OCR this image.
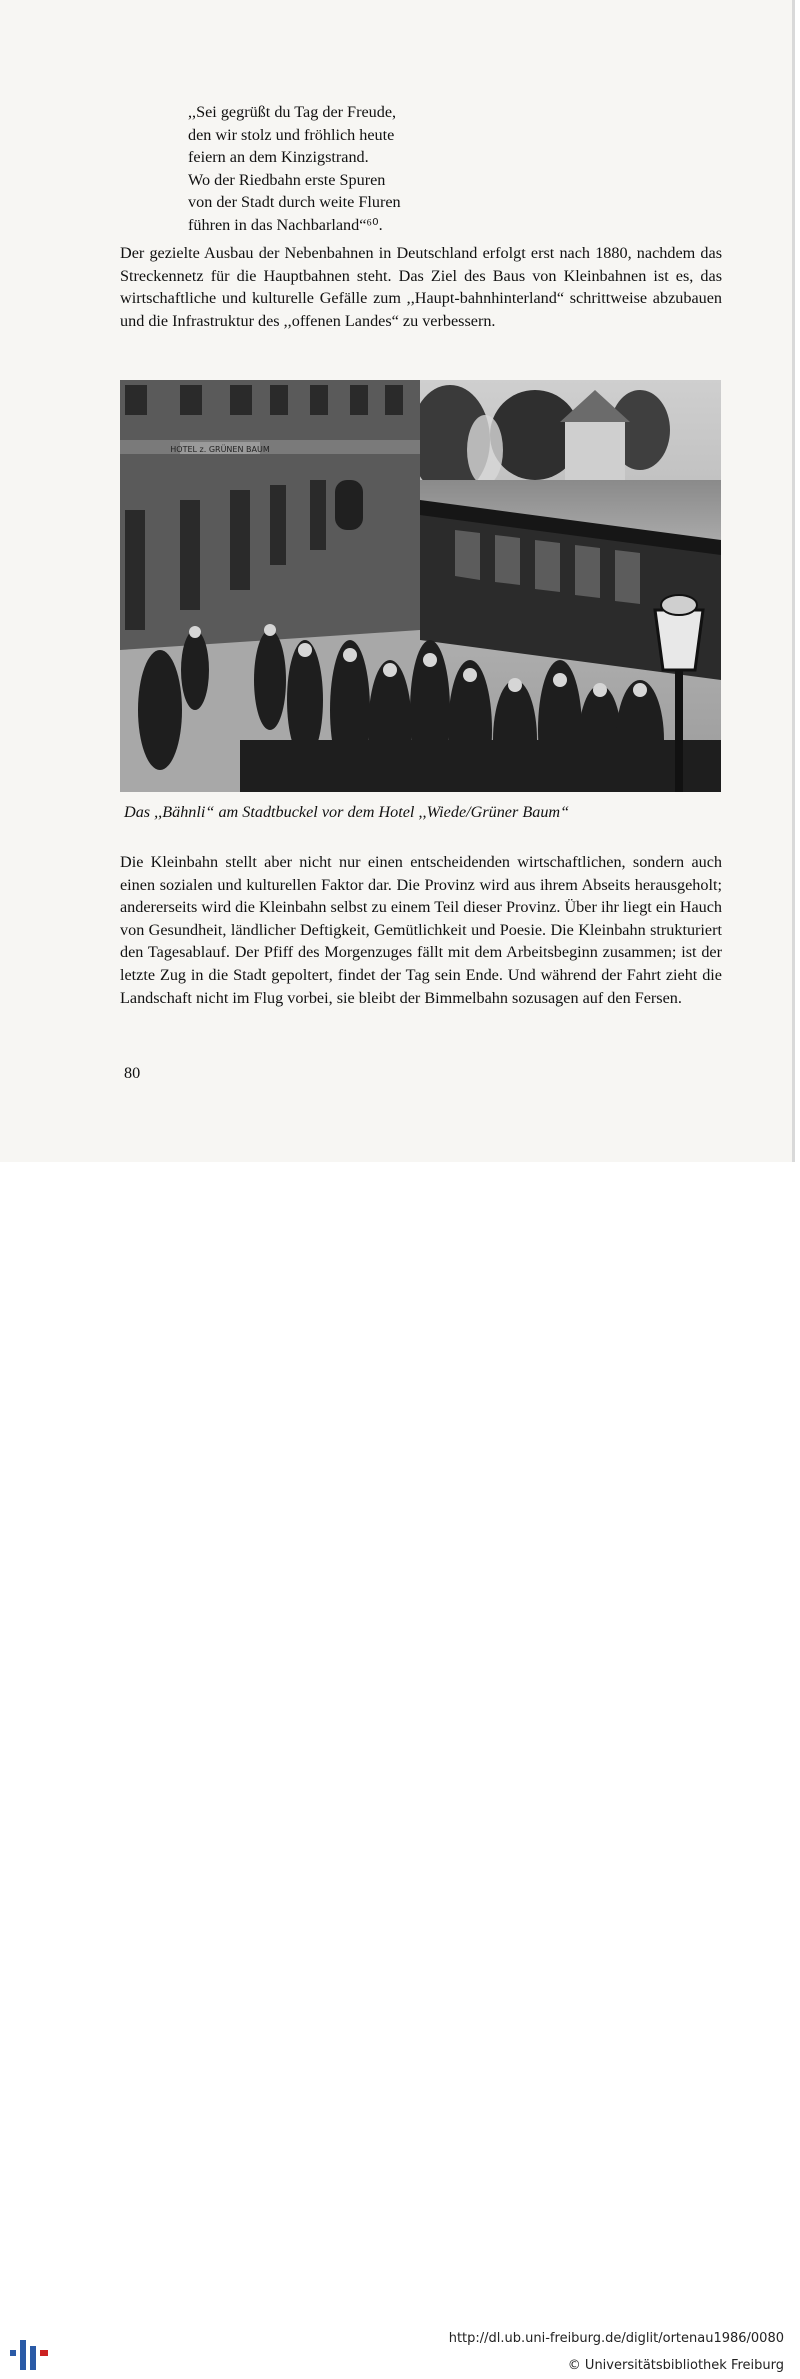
,,Sei gegrüßt du Tag der Freude,
den wir stolz und fröhlich heute
feiern an dem Kinzigstrand.
Wo der Riedbahn erste Spuren
von der Stadt durch weite Fluren
führen in das Nachbarland“⁶⁰.

Der gezielte Ausbau der Nebenbahnen in Deutschland erfolgt erst nach 1880, nachdem das Streckennetz für die Hauptbahnen steht. Das Ziel des Baus von Kleinbahnen ist es, das wirtschaftliche und kulturelle Gefälle zum ,,Haupt-bahnhinterland“ schrittweise abzubauen und die Infrastruktur des ,,offenen Landes“ zu verbessern.

HOTEL z. GRÜNEN BAUM
Das ,,Bähnli“ am Stadtbuckel vor dem Hotel ,,Wiede/Grüner Baum“

Die Kleinbahn stellt aber nicht nur einen entscheidenden wirtschaftlichen, sondern auch einen sozialen und kulturellen Faktor dar. Die Provinz wird aus ihrem Abseits herausgeholt; andererseits wird die Kleinbahn selbst zu einem Teil dieser Provinz. Über ihr liegt ein Hauch von Gesundheit, ländlicher Deftigkeit, Gemütlichkeit und Poesie. Die Kleinbahn strukturiert den Tagesablauf. Der Pfiff des Morgenzuges fällt mit dem Arbeitsbeginn zusammen; ist der letzte Zug in die Stadt gepoltert, findet der Tag sein Ende. Und während der Fahrt zieht die Landschaft nicht im Flug vorbei, sie bleibt der Bimmelbahn sozusagen auf den Fersen.

80
http://dl.ub.uni-freiburg.de/diglit/ortenau1986/0080
© Universitätsbibliothek Freiburg
